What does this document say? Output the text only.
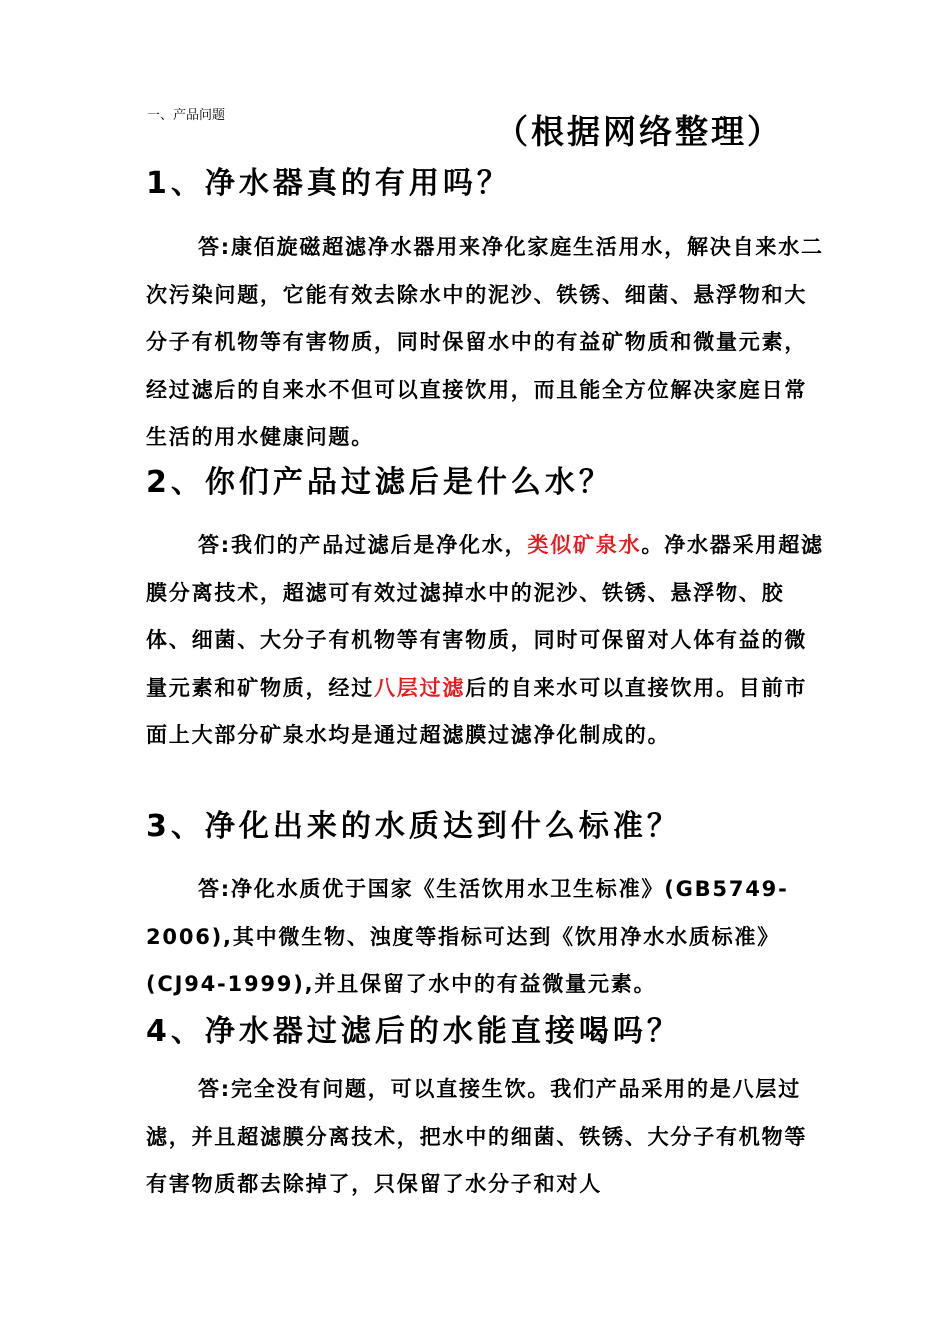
一、产品问题	（根据网络整理）
1、净水器真的有用吗？

答:康佰旋磁超滤净水器用来净化家庭生活用水，解决自来水二次污染问题，它能有效去除水中的泥沙、铁锈、细菌、悬浮物和大分子有机物等有害物质，同时保留水中的有益矿物质和微量元素，经过滤后的自来水不但可以直接饮用，而且能全方位解决家庭日常生活的用水健康问题。

2、你们产品过滤后是什么水？

答:我们的产品过滤后是净化水，类似矿泉水。净水器采用超滤膜分离技术，超滤可有效过滤掉水中的泥沙、铁锈、悬浮物、胶体、细菌、大分子有机物等有害物质，同时可保留对人体有益的微量元素和矿物质，经过八层过滤后的自来水可以直接饮用。目前市面上大部分矿泉水均是通过超滤膜过滤净化制成的。

3、净化出来的水质达到什么标准？

答:净化水质优于国家《生活饮用水卫生标准》(GB5749-2006),其中微生物、浊度等指标可达到《饮用净水水质标准》(CJ94-1999),并且保留了水中的有益微量元素。

4、净水器过滤后的水能直接喝吗？

答:完全没有问题，可以直接生饮。我们产品采用的是八层过滤，并且超滤膜分离技术，把水中的细菌、铁锈、大分子有机物等有害物质都去除掉了，只保留了水分子和对人
